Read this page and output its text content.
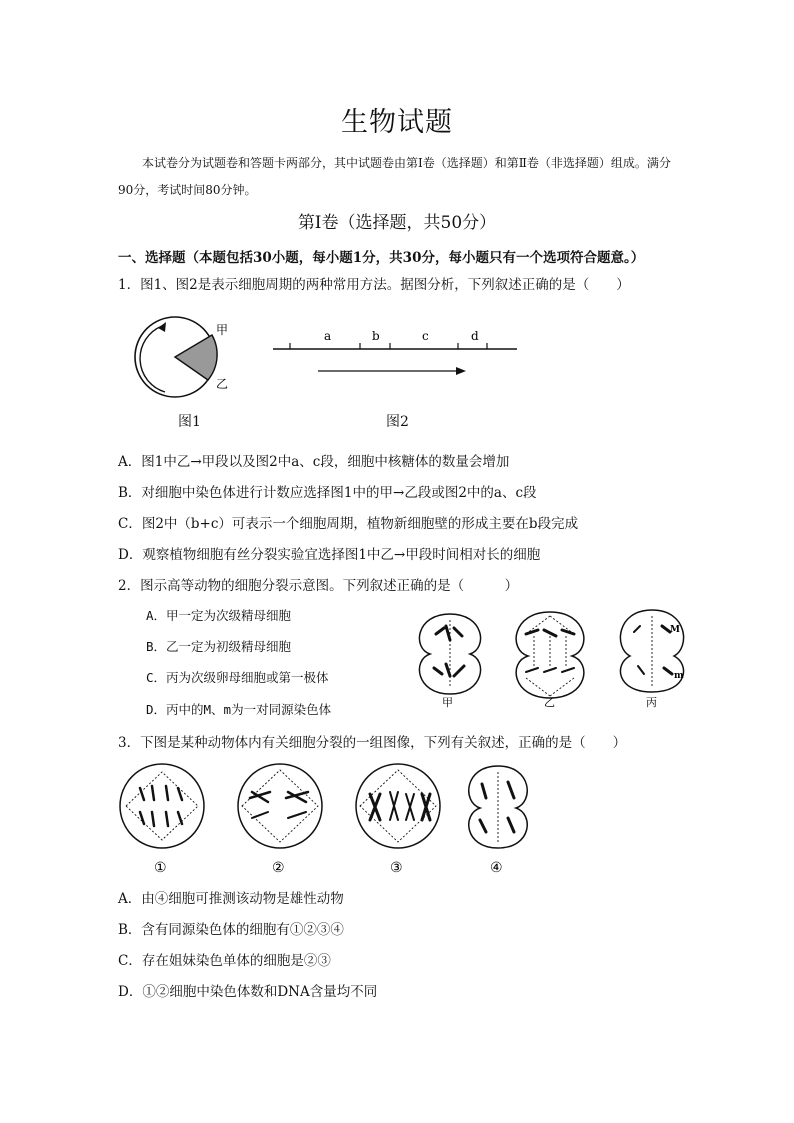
生物试题
本试卷分为试题卷和答题卡两部分，其中试题卷由第Ⅰ卷（选择题）和第Ⅱ卷（非选择题）组成。满分90分，考试时间80分钟。
第Ⅰ卷（选择题，共50分）
一、选择题（本题包括30小题，每小题1分，共30分，每小题只有一个选项符合题意。）
1．图1、图2是表示细胞周期的两种常用方法。据图分析，下列叙述正确的是（　　）
甲
乙
图1
a	b	c	d
图2
A．图1中乙→甲段以及图2中a、c段，细胞中核糖体的数量会增加
B．对细胞中染色体进行计数应选择图1中的甲→乙段或图2中的a、c段
C．图2中（b+c）可表示一个细胞周期，植物新细胞壁的形成主要在b段完成
D．观察植物细胞有丝分裂实验宜选择图1中乙→甲段时间相对长的细胞
2．图示高等动物的细胞分裂示意图。下列叙述正确的是（　　　）
A．甲一定为次级精母细胞
B．乙一定为初级精母细胞
C．丙为次级卵母细胞或第一极体
D．丙中的M、m为一对同源染色体
M
m
甲	乙	丙
3．下图是某种动物体内有关细胞分裂的一组图像，下列有关叙述，正确的是（　　）
①	②	③	④
A．由④细胞可推测该动物是雄性动物
B．含有同源染色体的细胞有①②③④
C．存在姐妹染色单体的细胞是②③
D．①②细胞中染色体数和DNA含量均不同
